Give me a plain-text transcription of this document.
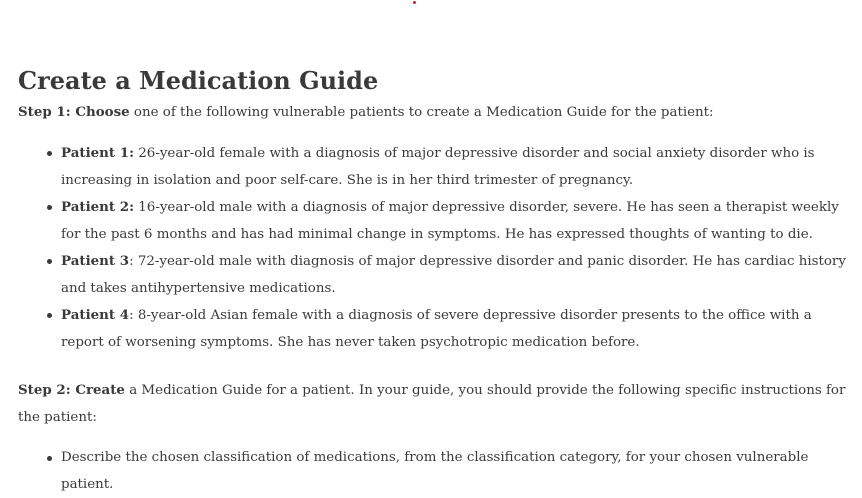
Create a Medication Guide

Step 1: Choose one of the following vulnerable patients to create a Medication Guide for the patient:

Patient 1: 26-year-old female with a diagnosis of major depressive disorder and social anxiety disorder who is increasing in isolation and poor self-care. She is in her third trimester of pregnancy.
Patient 2: 16-year-old male with a diagnosis of major depressive disorder, severe. He has seen a therapist weekly for the past 6 months and has had minimal change in symptoms. He has expressed thoughts of wanting to die.
Patient 3: 72-year-old male with diagnosis of major depressive disorder and panic disorder. He has cardiac history and takes antihypertensive medications.
Patient 4: 8-year-old Asian female with a diagnosis of severe depressive disorder presents to the office with a report of worsening symptoms. She has never taken psychotropic medication before.

Step 2: Create a Medication Guide for a patient. In your guide, you should provide the following specific instructions for the patient:

Describe the chosen classification of medications, from the classification category, for your chosen vulnerable patient.
